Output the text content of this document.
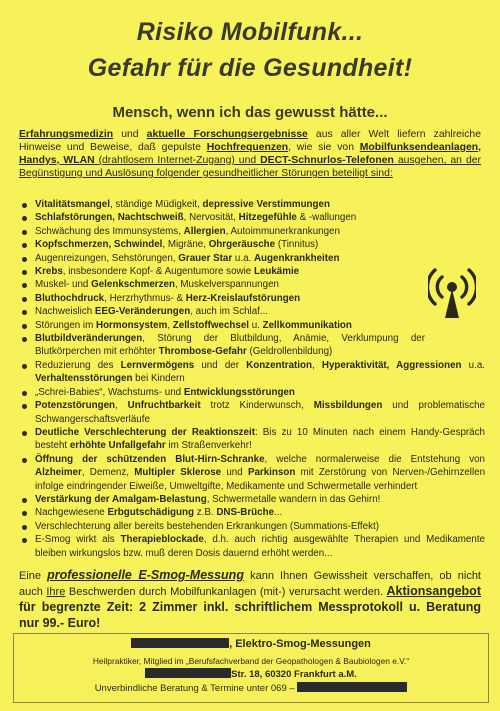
Risiko Mobilfunk...
Gefahr für die Gesundheit!
Mensch, wenn ich das gewusst hätte...
Erfahrungsmedizin und aktuelle Forschungsergebnisse aus aller Welt liefern zahlreiche Hinweise und Beweise, daß gepulste Hochfrequenzen, wie sie von Mobilfunksendeanlagen, Handys, WLAN (drahtlosem Internet-Zugang) und DECT-Schnurlos-Telefonen ausgehen, an der Begünstigung und Auslösung folgender gesundheitlicher Störungen beteiligt sind:
Vitalitätsmangel, ständige Müdigkeit, depressive Verstimmungen
Schlafstörungen, Nachtschweiß, Nervosität, Hitzegefühle & -wallungen
Schwächung des Immunsystems, Allergien, Autoimmunerkrankungen
Kopfschmerzen, Schwindel, Migräne, Ohrgeräusche (Tinnitus)
Augenreizungen, Sehstörungen, Grauer Star u.a. Augenkrankheiten
Krebs, insbesondere Kopf- & Augentumore sowie Leukämie
Muskel- und Gelenkschmerzen, Muskelverspannungen
Bluthochdruck, Herzrhythmus- & Herz-Kreislaufstörungen
Nachweislich EEG-Veränderungen, auch im Schlaf...
Störungen im Hormonsystem, Zellstoffwechsel u. Zellkommunikation
Blutbildveränderungen, Störung der Blutbildung, Anämie, Verklumpung der Blutkörperchen mit erhöhter Thrombose-Gefahr (Geldrollenbildung)
Reduzierung des Lernvermögens und der Konzentration, Hyperaktivität, Aggressionen u.a. Verhaltensstörungen bei Kindern
„Schrei-Babies“, Wachstums- und Entwicklungsstörungen
Potenzstörungen, Unfruchtbarkeit trotz Kinderwunsch, Missbildungen und problematische Schwangerschaftsverläufe
Deutliche Verschlechterung der Reaktionszeit: Bis zu 10 Minuten nach einem Handy-Gespräch besteht erhöhte Unfallgefahr im Straßenverkehr!
Öffnung der schützenden Blut-Hirn-Schranke, welche normalerweise die Entstehung von Alzheimer, Demenz, Multipler Sklerose und Parkinson mit Zerstörung von Nerven-/Gehirnzellen infolge eindringender Eiweiße, Umweltgifte, Medikamente und Schwermetalle verhindert
Verstärkung der Amalgam-Belastung, Schwermetalle wandern in das Gehirn!
Nachgewiesene Erbgutschädigung z.B. DNS-Brüche...
Verschlechterung aller bereits bestehenden Erkrankungen (Summations-Effekt)
E-Smog wirkt als Therapieblockade, d.h. auch richtig ausgewählte Therapien und Medikamente bleiben wirkungslos bzw. muß deren Dosis dauernd erhöht werden...
Eine professionelle E-Smog-Messung kann Ihnen Gewissheit verschaffen, ob nicht auch Ihre Beschwerden durch Mobilfunkanlagen (mit-) verursacht werden. Aktionsangebot für begrenzte Zeit: 2 Zimmer inkl. schriftlichem Messprotokoll u. Beratung nur 99.- Euro!
, Elektro-Smog-Messungen
Heilpraktiker, Mitglied im „Berufsfachverband der Geopathologen & Baubiologen e.V.“
Str. 18, 60320 Frankfurt a.M.
Unverbindliche Beratung & Termine unter 069 –
